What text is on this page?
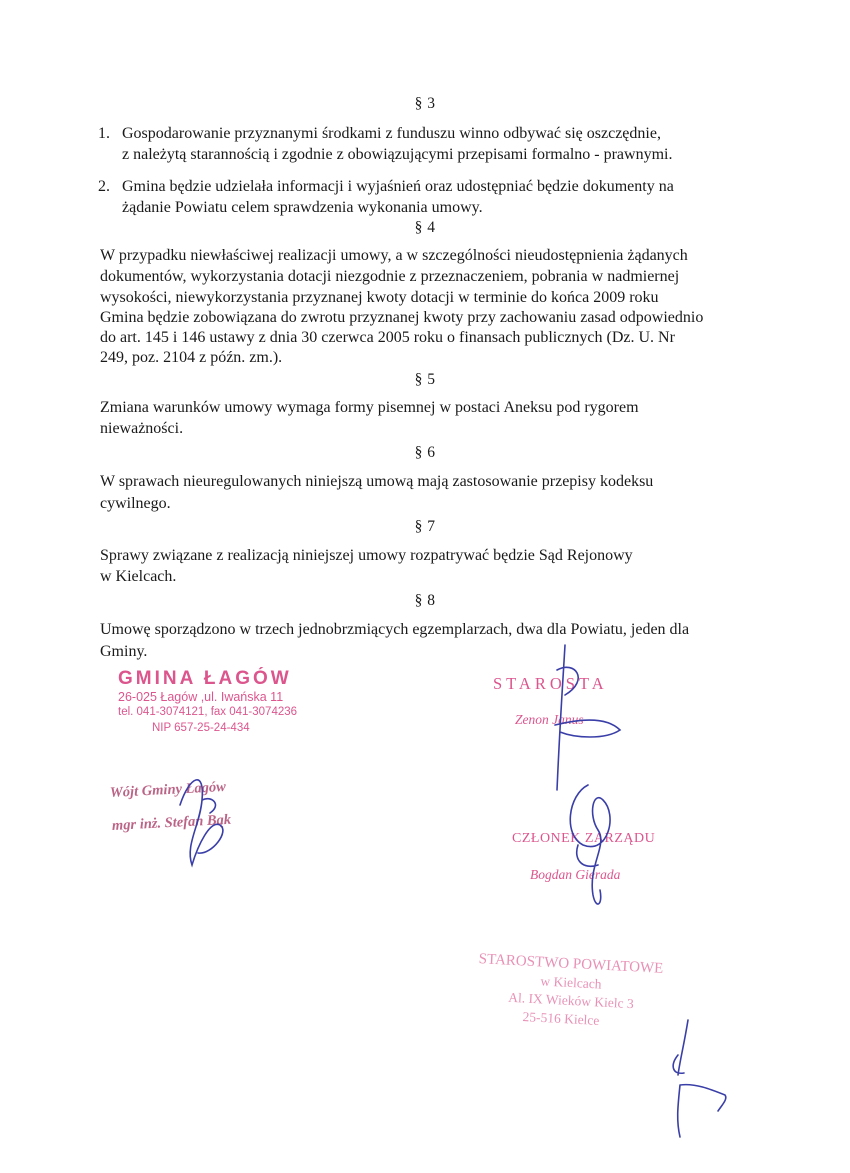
§ 3
1. Gospodarowanie przyznanymi środkami z funduszu winno odbywać się oszczędnie,
z należytą starannością i zgodnie z obowiązującymi przepisami formalno - prawnymi.
2. Gmina będzie udzielała informacji i wyjaśnień oraz udostępniać będzie dokumenty na
żądanie Powiatu celem sprawdzenia wykonania umowy.
§ 4
W przypadku niewłaściwej realizacji umowy, a w szczególności nieudostępnienia żądanych
dokumentów, wykorzystania dotacji niezgodnie z przeznaczeniem, pobrania w nadmiernej
wysokości, niewykorzystania przyznanej kwoty dotacji w terminie do końca 2009 roku
Gmina będzie zobowiązana do zwrotu przyznanej kwoty przy zachowaniu zasad odpowiednio
do art. 145 i 146 ustawy z dnia 30 czerwca 2005 roku o finansach publicznych (Dz. U. Nr
249, poz. 2104 z późn. zm.).
§ 5
Zmiana warunków umowy wymaga formy pisemnej w postaci Aneksu pod rygorem
nieważności.
§ 6
W sprawach nieuregulowanych niniejszą umową mają zastosowanie przepisy kodeksu
cywilnego.
§ 7
Sprawy związane z realizacją niniejszej umowy rozpatrywać będzie Sąd Rejonowy
w Kielcach.
§ 8
Umowę sporządzono w trzech jednobrzmiących egzemplarzach, dwa dla Powiatu, jeden dla
Gminy.
GMINA ŁAGÓW
26-025 Łagów ,ul. Iwańska 11
tel. 041-3074121, fax 041-3074236
NIP 657-25-24-434
Wójt Gminy Łagów
mgr inż. Stefan Bąk
STAROSTA
Zenon Janus
CZŁONEK ZARZĄDU
Bogdan Gierada
STAROSTWO POWIATOWE
w Kielcach
Al. IX Wieków Kielc 3
25-516 Kielce
